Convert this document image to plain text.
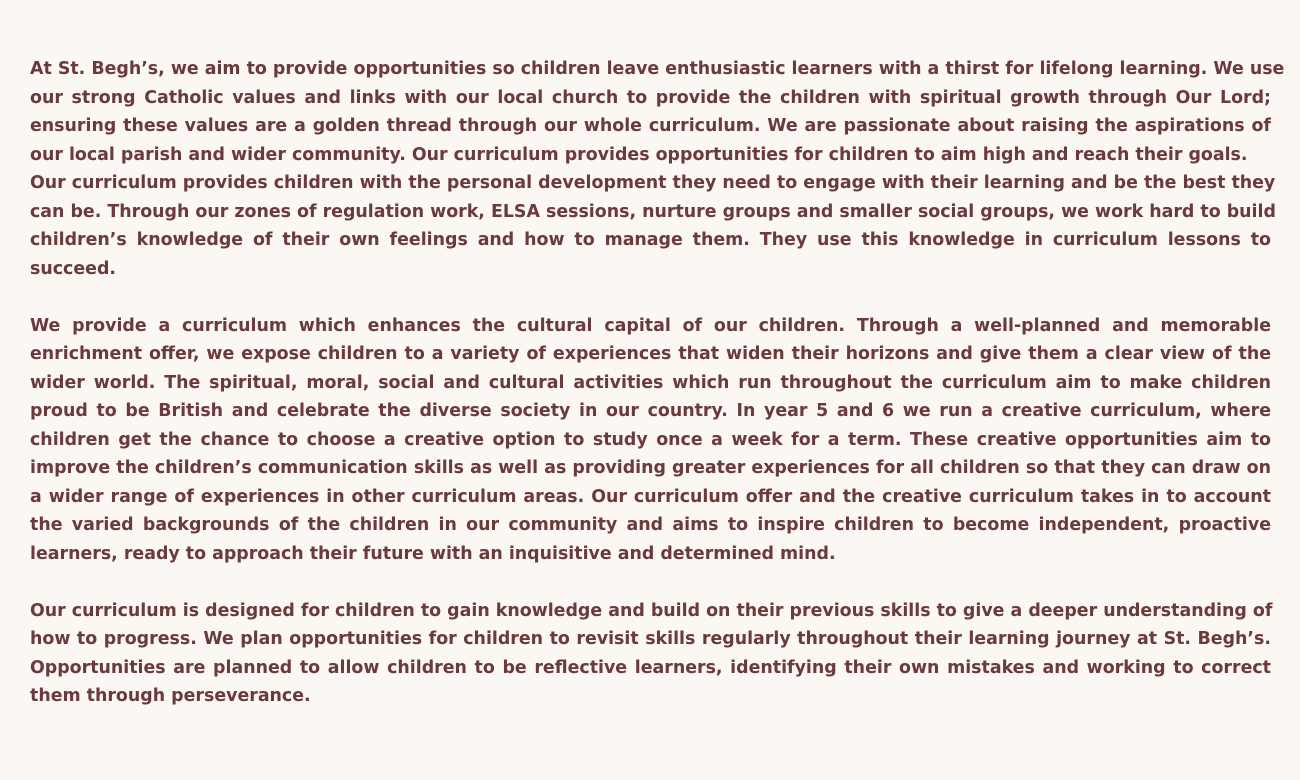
At St. Begh’s, we aim to provide opportunities so children leave enthusiastic learners with a thirst for lifelong learning. We use
our strong Catholic values and links with our local church to provide the children with spiritual growth through Our Lord;
ensuring these values are a golden thread through our whole curriculum. We are passionate about raising the aspirations of
our local parish and wider community. Our curriculum provides opportunities for children to aim high and reach their goals.
Our curriculum provides children with the personal development they need to engage with their learning and be the best they
can be. Through our zones of regulation work, ELSA sessions, nurture groups and smaller social groups, we work hard to build
children’s knowledge of their own feelings and how to manage them. They use this knowledge in curriculum lessons to
succeed.

We provide a curriculum which enhances the cultural capital of our children. Through a well-planned and memorable
enrichment offer, we expose children to a variety of experiences that widen their horizons and give them a clear view of the
wider world. The spiritual, moral, social and cultural activities which run throughout the curriculum aim to make children
proud to be British and celebrate the diverse society in our country. In year 5 and 6 we run a creative curriculum, where
children get the chance to choose a creative option to study once a week for a term. These creative opportunities aim to
improve the children’s communication skills as well as providing greater experiences for all children so that they can draw on
a wider range of experiences in other curriculum areas. Our curriculum offer and the creative curriculum takes in to account
the varied backgrounds of the children in our community and aims to inspire children to become independent, proactive
learners, ready to approach their future with an inquisitive and determined mind.

Our curriculum is designed for children to gain knowledge and build on their previous skills to give a deeper understanding of
how to progress. We plan opportunities for children to revisit skills regularly throughout their learning journey at St. Begh’s.
Opportunities are planned to allow children to be reflective learners, identifying their own mistakes and working to correct
them through perseverance.
